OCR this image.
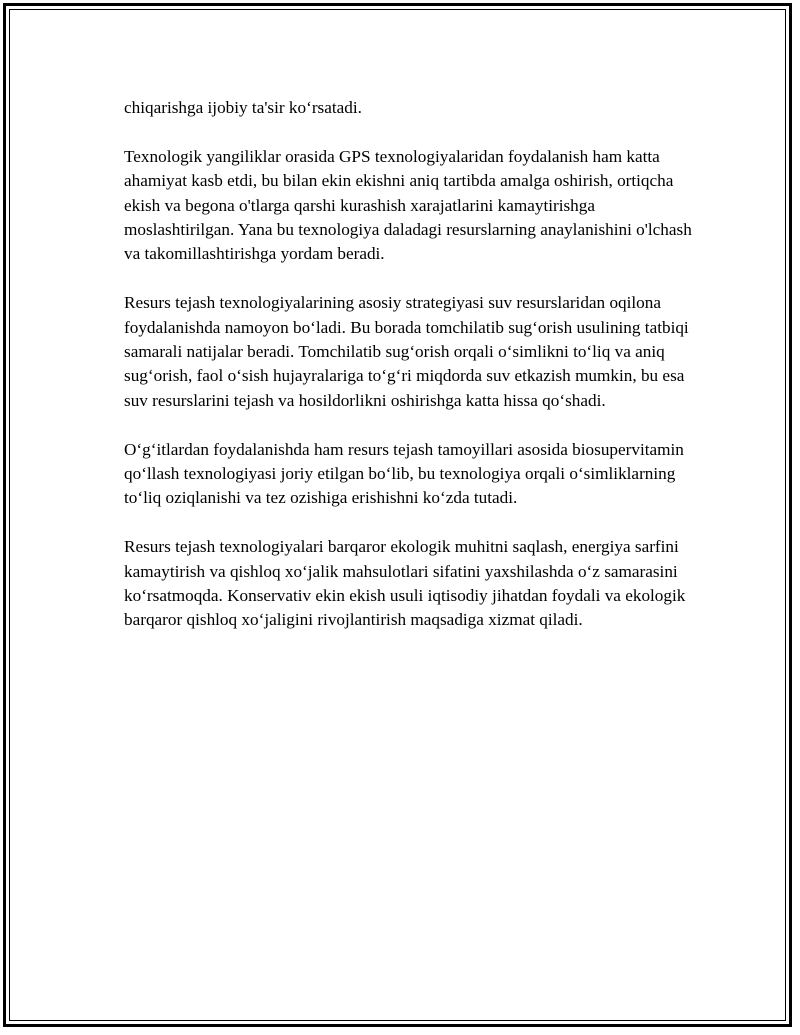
chiqarishga ijobiy ta'sir ko‘rsatadi.

Texnologik yangiliklar orasida GPS texnologiyalaridan foydalanish ham katta ahamiyat kasb etdi, bu bilan ekin ekishni aniq tartibda amalga oshirish, ortiqcha ekish va begona o'tlarga qarshi kurashish xarajatlarini kamaytirishga moslashtirilgan. Yana bu texnologiya daladagi resurslarning anaylanishini o'lchash va takomillashtirishga yordam beradi.

Resurs tejash texnologiyalarining asosiy strategiyasi suv resurslaridan oqilona foydalanishda namoyon bo‘ladi. Bu borada tomchilatib sug‘orish usulining tatbiqi samarali natijalar beradi. Tomchilatib sug‘orish orqali o‘simlikni to‘liq va aniq sug‘orish, faol o‘sish hujayralariga to‘g‘ri miqdorda suv etkazish mumkin, bu esa suv resurslarini tejash va hosildorlikni oshirishga katta hissa qo‘shadi.

O‘g‘itlardan foydalanishda ham resurs tejash tamoyillari asosida biosupervitamin qo‘llash texnologiyasi joriy etilgan bo‘lib, bu texnologiya orqali o‘simliklarning to‘liq oziqlanishi va tez ozishiga erishishni ko‘zda tutadi.

Resurs tejash texnologiyalari barqaror ekologik muhitni saqlash, energiya sarfini kamaytirish va qishloq xo‘jalik mahsulotlari sifatini yaxshilashda o‘z samarasini ko‘rsatmoqda. Konservativ ekin ekish usuli iqtisodiy jihatdan foydali va ekologik barqaror qishloq xo‘jaligini rivojlantirish maqsadiga xizmat qiladi.
